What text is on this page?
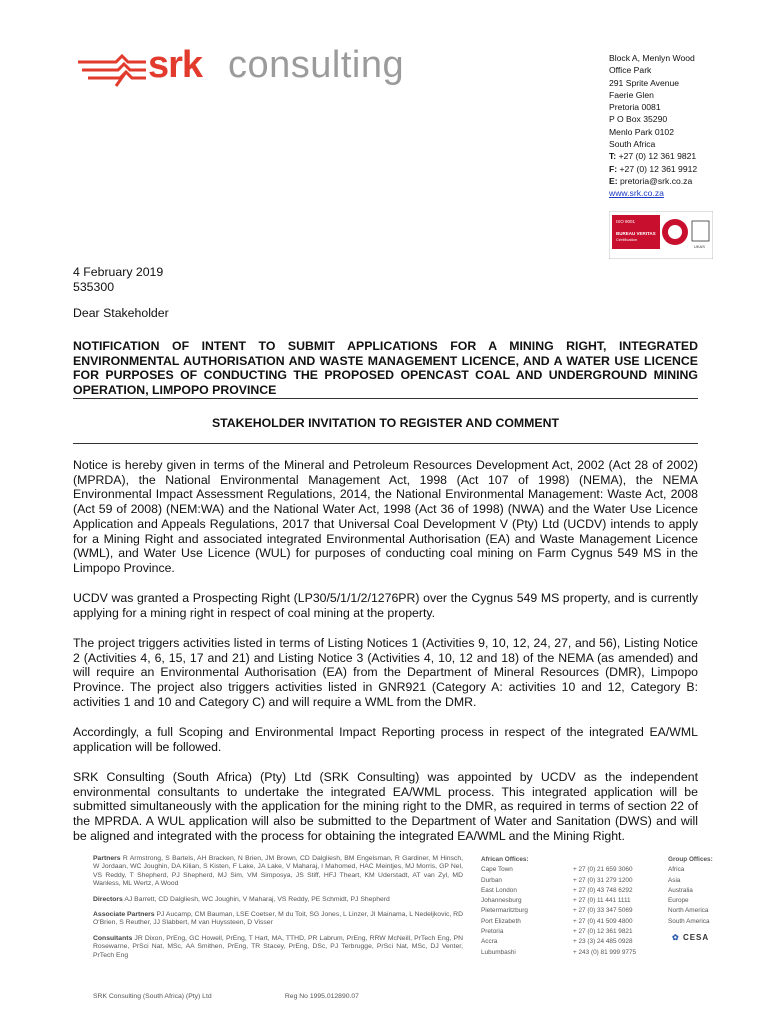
srk consulting	Block A, Menlyn Wood
Office Park
291 Sprite Avenue
Faerie Glen
Pretoria 0081
P O Box 35290
Menlo Park 0102
South Africa
T: +27 (0) 12 361 9821
F: +27 (0) 12 361 9912
E: pretoria@srk.co.za
www.srk.co.za
ISO 9001
BUREAU VERITAS
Certification
UKAS
4 February 2019
535300
Dear Stakeholder
NOTIFICATION OF INTENT TO SUBMIT APPLICATIONS FOR A MINING RIGHT, INTEGRATED ENVIRONMENTAL AUTHORISATION AND WASTE MANAGEMENT LICENCE, AND A WATER USE LICENCE FOR PURPOSES OF CONDUCTING THE PROPOSED OPENCAST COAL AND UNDERGROUND MINING OPERATION, LIMPOPO PROVINCE
STAKEHOLDER INVITATION TO REGISTER AND COMMENT

Notice is hereby given in terms of the Mineral and Petroleum Resources Development Act, 2002 (Act 28 of 2002) (MPRDA), the National Environmental Management Act, 1998 (Act 107 of 1998) (NEMA), the NEMA Environmental Impact Assessment Regulations, 2014, the National Environmental Management: Waste Act, 2008 (Act 59 of 2008) (NEM:WA) and the National Water Act, 1998 (Act 36 of 1998) (NWA) and the Water Use Licence Application and Appeals Regulations, 2017 that Universal Coal Development V (Pty) Ltd (UCDV) intends to apply for a Mining Right and associated integrated Environmental Authorisation (EA) and Waste Management Licence (WML), and Water Use Licence (WUL) for purposes of conducting coal mining on Farm Cygnus 549 MS in the Limpopo Province.

UCDV was granted a Prospecting Right (LP30/5/1/1/2/1276PR) over the Cygnus 549 MS property, and is currently applying for a mining right in respect of coal mining at the property.

The project triggers activities listed in terms of Listing Notices 1 (Activities 9, 10, 12, 24, 27, and 56), Listing Notice 2 (Activities 4, 6, 15, 17 and 21) and Listing Notice 3 (Activities 4, 10, 12 and 18) of the NEMA (as amended) and will require an Environmental Authorisation (EA) from the Department of Mineral Resources (DMR), Limpopo Province. The project also triggers activities listed in GNR921 (Category A: activities 10 and 12, Category B: activities 1 and 10 and Category C) and will require a WML from the DMR.

Accordingly, a full Scoping and Environmental Impact Reporting process in respect of the integrated EA/WML application will be followed.

SRK Consulting (South Africa) (Pty) Ltd (SRK Consulting) was appointed by UCDV as the independent environmental consultants to undertake the integrated EA/WML process. This integrated application will be submitted simultaneously with the application for the mining right to the DMR, as required in terms of section 22 of the MPRDA. A WUL application will also be submitted to the Department of Water and Sanitation (DWS) and will be aligned and integrated with the process for obtaining the integrated EA/WML and the Mining Right.

Partners R Armstrong, S Bartels, AH Bracken, N Brien, JM Brown, CD Dalgliesh, BM Engelsman, R Gardiner, M Hinsch, W Jordaan, WC Joughin, DA Kilian, S Kisten, F Lake, JA Lake, V Maharaj, I Mahomed, HAC Meintjes, MJ Morris, GP Nel, VS Reddy, T Shepherd, PJ Shepherd, MJ Sim, VM Simposya, JS Stiff, HFJ Theart, KM Uderstadt, AT van Zyl, MD Wanless, ML Wertz, A Wood

Directors AJ Barrett, CD Dalgliesh, WC Joughin, V Maharaj, VS Reddy, PE Schmidt, PJ Shepherd

Associate Partners PJ Aucamp, CM Bauman, LSE Coetser, M du Toit, SG Jones, L Linzer, JI Mainama, L Nedeljkovic, RD O'Brien, S Reuther, JJ Slabbert, M van Huyssteen, D Visser

Consultants JR Dixon, PrEng, GC Howell, PrEng, T Hart, MA, TTHD, PR Labrum, PrEng, RRW McNeill, PrTech Eng, PN Rosewarne, PrSci Nat, MSc, AA Smithen, PrEng, TR Stacey, PrEng, DSc, PJ Terbrugge, PrSci Nat, MSc, DJ Venter, PrTech Eng

African Offices:
Cape Town	+ 27 (0) 21 659 3060
Durban	+ 27 (0) 31 279 1200
East London	+ 27 (0) 43 748 6292
Johannesburg	+ 27 (0) 11 441 1111
Pietermaritzburg	+ 27 (0) 33 347 5069
Port Elizabeth	+ 27 (0) 41 509 4800
Pretoria	+ 27 (0) 12 361 9821
Accra	+ 23 (3) 24 485 0928
Lubumbashi	+ 243 (0) 81 999 9775
Group Offices:
Africa
Asia
Australia
Europe
North America
South America
✿ CESA
SRK Consulting (South Africa) (Pty) Ltd	Reg No 1995.012890.07
